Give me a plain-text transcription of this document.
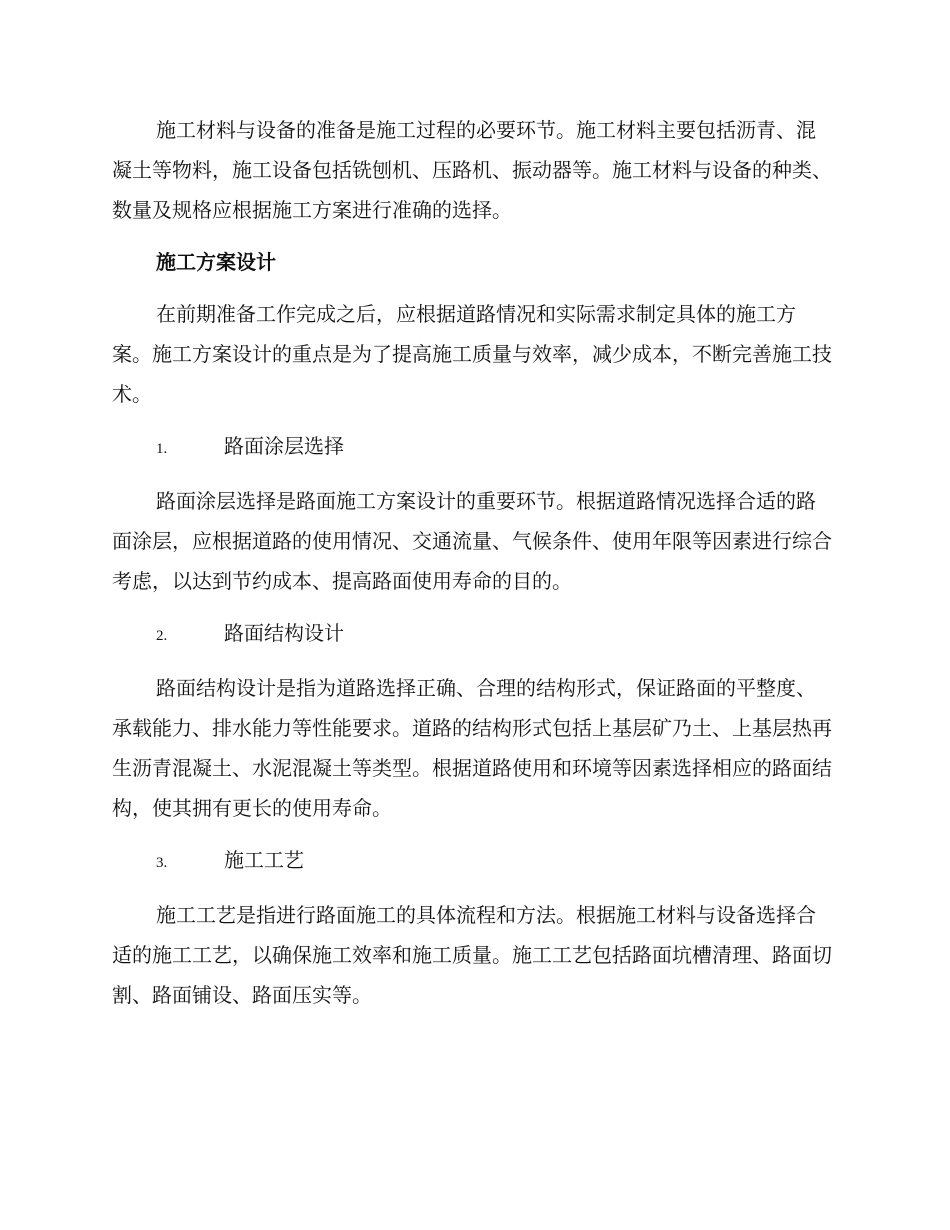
施工材料与设备的准备是施工过程的必要环节。施工材料主要包括沥青、混凝土等物料，施工设备包括铣刨机、压路机、振动器等。施工材料与设备的种类、数量及规格应根据施工方案进行准确的选择。

施工方案设计

在前期准备工作完成之后，应根据道路情况和实际需求制定具体的施工方案。施工方案设计的重点是为了提高施工质量与效率，减少成本，不断完善施工技术。

1.	路面涂层选择

路面涂层选择是路面施工方案设计的重要环节。根据道路情况选择合适的路面涂层，应根据道路的使用情况、交通流量、气候条件、使用年限等因素进行综合考虑，以达到节约成本、提高路面使用寿命的目的。

2.	路面结构设计

路面结构设计是指为道路选择正确、合理的结构形式，保证路面的平整度、承载能力、排水能力等性能要求。道路的结构形式包括上基层矿乃土、上基层热再生沥青混凝土、水泥混凝土等类型。根据道路使用和环境等因素选择相应的路面结构，使其拥有更长的使用寿命。

3.	施工工艺

施工工艺是指进行路面施工的具体流程和方法。根据施工材料与设备选择合适的施工工艺，以确保施工效率和施工质量。施工工艺包括路面坑槽清理、路面切割、路面铺设、路面压实等。
